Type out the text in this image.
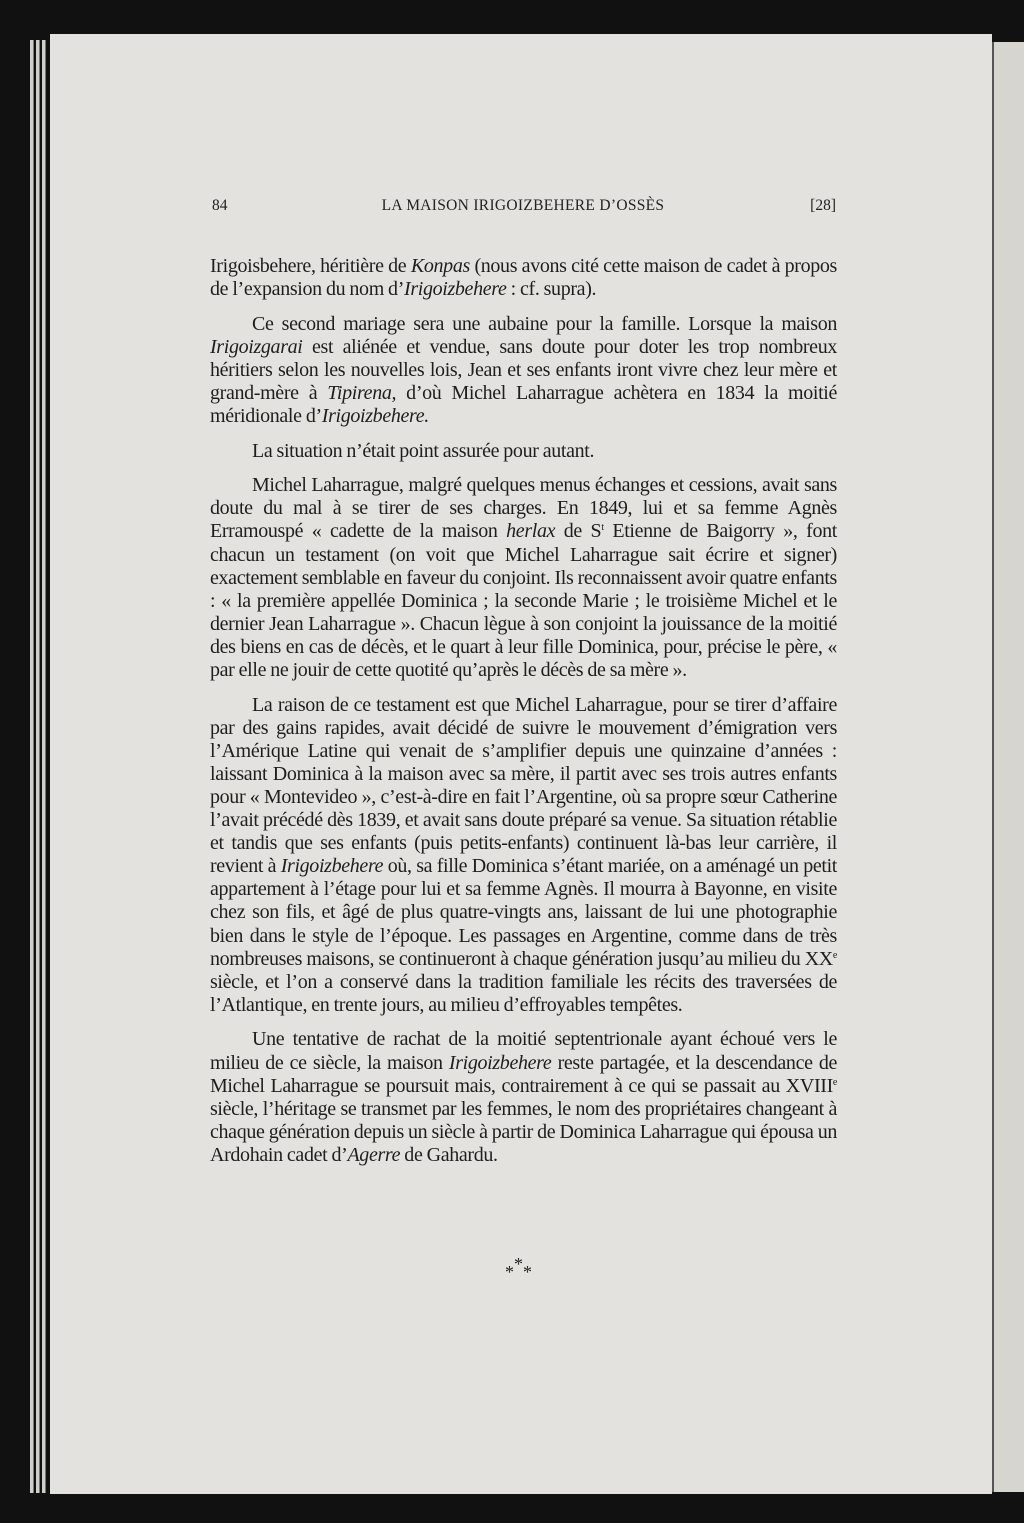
84	LA MAISON IRIGOIZBEHERE D’OSSÈS	[28]

Irigoisbehere, héritière de Konpas (nous avons cité cette maison de cadet à propos de l’expansion du nom d’Irigoizbehere : cf. supra).

Ce second mariage sera une aubaine pour la famille. Lorsque la maison Irigoizgarai est aliénée et vendue, sans doute pour doter les trop nombreux héritiers selon les nouvelles lois, Jean et ses enfants iront vivre chez leur mère et grand-mère à Tipirena, d’où Michel Laharrague achètera en 1834 la moitié méridionale d’Irigoizbehere.

La situation n’était point assurée pour autant.

Michel Laharrague, malgré quelques menus échanges et cessions, avait sans doute du mal à se tirer de ses charges. En 1849, lui et sa femme Agnès Erramouspé « cadette de la maison herlax de $S^t$ Etienne de Baigorry », font chacun un testament (on voit que Michel Laharrague sait écrire et signer) exactement semblable en faveur du conjoint. Ils reconnaissent avoir quatre enfants : « la première appellée Dominica ; la seconde Marie ; le troisième Michel et le dernier Jean Laharrague ». Chacun lègue à son conjoint la jouissance de la moitié des biens en cas de décès, et le quart à leur fille Dominica, pour, précise le père, « par elle ne jouir de cette quotité qu’après le décès de sa mère ».

La raison de ce testament est que Michel Laharrague, pour se tirer d’affaire par des gains rapides, avait décidé de suivre le mouvement d’émigration vers l’Amérique Latine qui venait de s’amplifier depuis une quinzaine d’années : laissant Dominica à la maison avec sa mère, il partit avec ses trois autres enfants pour « Montevideo », c’est-à-dire en fait l’Argentine, où sa propre sœur Catherine l’avait précédé dès 1839, et avait sans doute préparé sa venue. Sa situation rétablie et tandis que ses enfants (puis petits-enfants) continuent là-bas leur carrière, il revient à Irigoizbehere où, sa fille Dominica s’étant mariée, on a aménagé un petit appartement à l’étage pour lui et sa femme Agnès. Il mourra à Bayonne, en visite chez son fils, et âgé de plus quatre-vingts ans, laissant de lui une photographie bien dans le style de l’époque. Les passages en Argentine, comme dans de très nombreuses maisons, se continueront à chaque génération jusqu’au milieu du XXe siècle, et l’on a conservé dans la tradition familiale les récits des traversées de l’Atlantique, en trente jours, au milieu d’effroyables tempêtes.

Une tentative de rachat de la moitié septentrionale ayant échoué vers le milieu de ce siècle, la maison Irigoizbehere reste partagée, et la descendance de Michel Laharrague se poursuit mais, contrairement à ce qui se passait au XVIIIe siècle, l’héritage se transmet par les femmes, le nom des propriétaires changeant à chaque génération depuis un siècle à partir de Dominica Laharrague qui épousa un Ardohain cadet d’Agerre de Gahardu.

***
